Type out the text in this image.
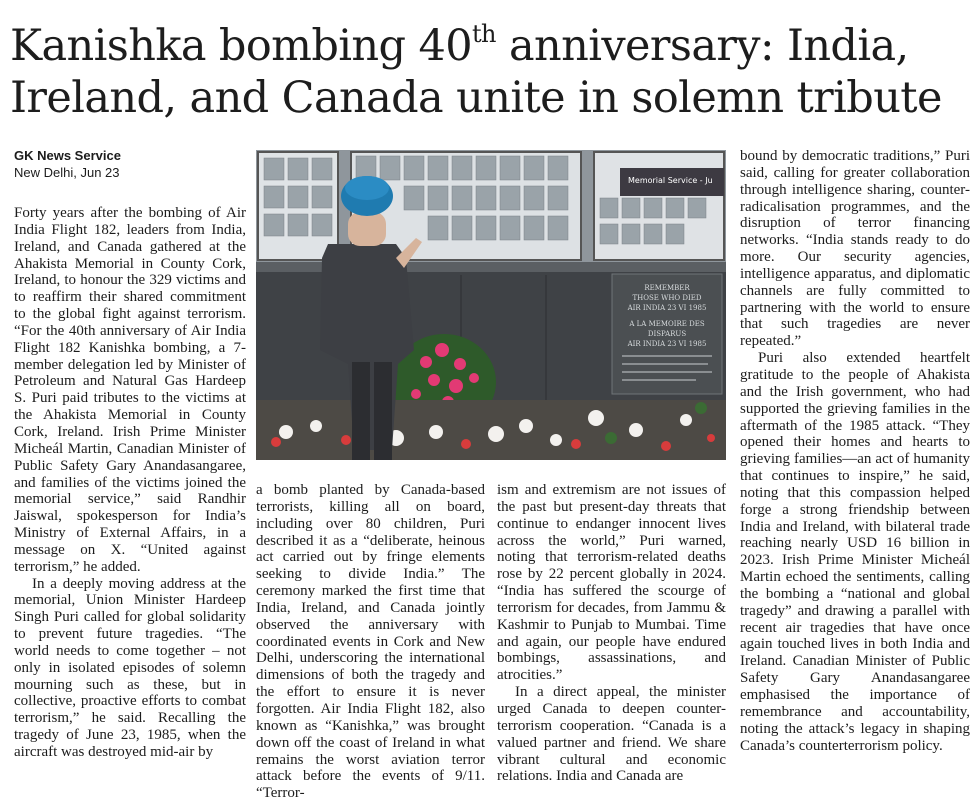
Kanishka bombing 40th anniversary: India, Ireland, and Canada unite in solemn tribute
GK News Service
New Delhi, Jun 23

Forty years after the bombing of Air India Flight 182, leaders from India, Ireland, and Canada gathered at the Ahakista Memorial in County Cork, Ireland, to honour the 329 victims and to reaffirm their shared commitment to the global fight against terrorism. “For the 40th anniversary of Air India Flight 182 Kanishka bombing, a 7-member delegation led by Minister of Petroleum and Natural Gas Hardeep S. Puri paid tributes to the victims at the Ahakista Memorial in County Cork, Ireland. Irish Prime Minister Micheál Martin, Canadian Minister of Public Safety Gary Anandasangaree, and families of the victims joined the memorial service,” said Randhir Jaiswal, spokesperson for India’s Ministry of External Affairs, in a message on X. “United against terrorism,” he added.

In a deeply moving address at the memorial, Union Minister Hardeep Singh Puri called for global solidarity to prevent future tragedies. “The world needs to come together – not only in isolated episodes of solemn mourning such as these, but in collective, proactive efforts to combat terrorism,” he said. Recalling the tragedy of June 23, 1985, when the aircraft was destroyed mid-air by

Memorial Service - Ju
REMEMBER
THOSE WHO DIED
AIR INDIA 23 VI 1985
A LA MEMOIRE DES
DISPARUS
AIR INDIA 23 VI 1985

a bomb planted by Canada-based terrorists, killing all on board, including over 80 children, Puri described it as a “deliberate, heinous act carried out by fringe elements seeking to divide India.” The ceremony marked the first time that India, Ireland, and Canada jointly observed the anniversary with coordinated events in Cork and New Delhi, underscoring the international dimensions of both the tragedy and the effort to ensure it is never forgotten. Air India Flight 182, also known as “Kanishka,” was brought down off the coast of Ireland in what remains the worst aviation terror attack before the events of 9/11. “Terror-

ism and extremism are not issues of the past but present-day threats that continue to endanger innocent lives across the world,” Puri warned, noting that terrorism-related deaths rose by 22 percent globally in 2024. “India has suffered the scourge of terrorism for decades, from Jammu & Kashmir to Punjab to Mumbai. Time and again, our people have endured bombings, assassinations, and atrocities.”

In a direct appeal, the minister urged Canada to deepen counter-terrorism cooperation. “Canada is a valued partner and friend. We share vibrant cultural and economic relations. India and Canada are

bound by democratic traditions,” Puri said, calling for greater collaboration through intelligence sharing, counter-radicalisation programmes, and the disruption of terror financing networks. “India stands ready to do more. Our security agencies, intelligence apparatus, and diplomatic channels are fully committed to partnering with the world to ensure that such tragedies are never repeated.”

Puri also extended heartfelt gratitude to the people of Ahakista and the Irish government, who had supported the grieving families in the aftermath of the 1985 attack. “They opened their homes and hearts to grieving families—an act of humanity that continues to inspire,” he said, noting that this compassion helped forge a strong friendship between India and Ireland, with bilateral trade reaching nearly USD 16 billion in 2023. Irish Prime Minister Micheál Martin echoed the sentiments, calling the bombing a “national and global tragedy” and drawing a parallel with recent air tragedies that have once again touched lives in both India and Ireland. Canadian Minister of Public Safety Gary Anandasangaree emphasised the importance of remembrance and accountability, noting the attack’s legacy in shaping Canada’s counterterrorism policy.
